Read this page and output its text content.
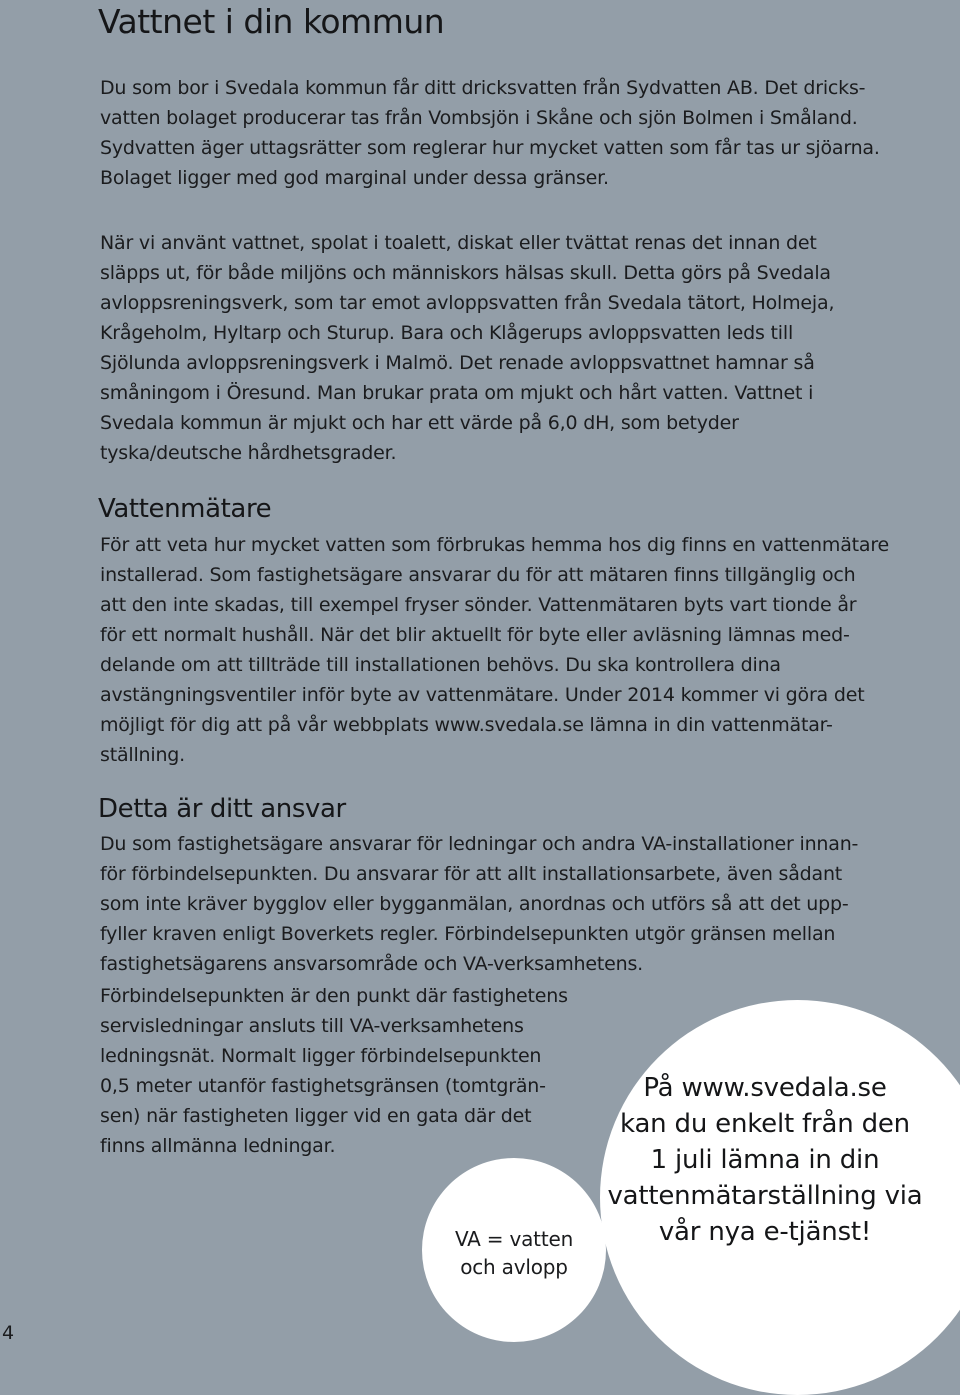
Vattnet i din kommun

Du som bor i Svedala kommun får ditt dricksvatten från Sydvatten AB. Det dricks-
vatten bolaget producerar tas från Vombsjön i Skåne och sjön Bolmen i Småland.
Sydvatten äger uttagsrätter som reglerar hur mycket vatten som får tas ur sjöarna.
Bolaget ligger med god marginal under dessa gränser.

När vi använt vattnet, spolat i toalett, diskat eller tvättat renas det innan det
släpps ut, för både miljöns och människors hälsas skull. Detta görs på Svedala
avloppsreningsverk, som tar emot avloppsvatten från Svedala tätort, Holmeja,
Krågeholm, Hyltarp och Sturup. Bara och Klågerups avloppsvatten leds till
Sjölunda avloppsreningsverk i Malmö. Det renade avloppsvattnet hamnar så
småningom i Öresund. Man brukar prata om mjukt och hårt vatten. Vattnet i
Svedala kommun är mjukt och har ett värde på 6,0 dH, som betyder
tyska/deutsche hårdhetsgrader.

Vattenmätare

För att veta hur mycket vatten som förbrukas hemma hos dig finns en vattenmätare
installerad. Som fastighetsägare ansvarar du för att mätaren finns tillgänglig och
att den inte skadas, till exempel fryser sönder. Vattenmätaren byts vart tionde år
för ett normalt hushåll. När det blir aktuellt för byte eller avläsning lämnas med-
delande om att tillträde till installationen behövs. Du ska kontrollera dina
avstängningsventiler inför byte av vattenmätare. Under 2014 kommer vi göra det
möjligt för dig att på vår webbplats www.svedala.se lämna in din vattenmätar-
ställning.

Detta är ditt ansvar

Du som fastighetsägare ansvarar för ledningar och andra VA-installationer innan-
för förbindelsepunkten. Du ansvarar för att allt installationsarbete, även sådant
som inte kräver bygglov eller bygganmälan, anordnas och utförs så att det upp-
fyller kraven enligt Boverkets regler. Förbindelsepunkten utgör gränsen mellan
fastighetsägarens ansvarsområde och VA-verksamhetens.

Förbindelsepunkten är den punkt där fastighetens
servisledningar ansluts till VA-verksamhetens
ledningsnät. Normalt ligger förbindelsepunkten
0,5 meter utanför fastighetsgränsen (tomtgrän-
sen) när fastigheten ligger vid en gata där det
finns allmänna ledningar.

VA = vatten
och avlopp

På www.svedala.se
kan du enkelt från den
1 juli lämna in din
vattenmätarställning via
vår nya e-tjänst!

4
